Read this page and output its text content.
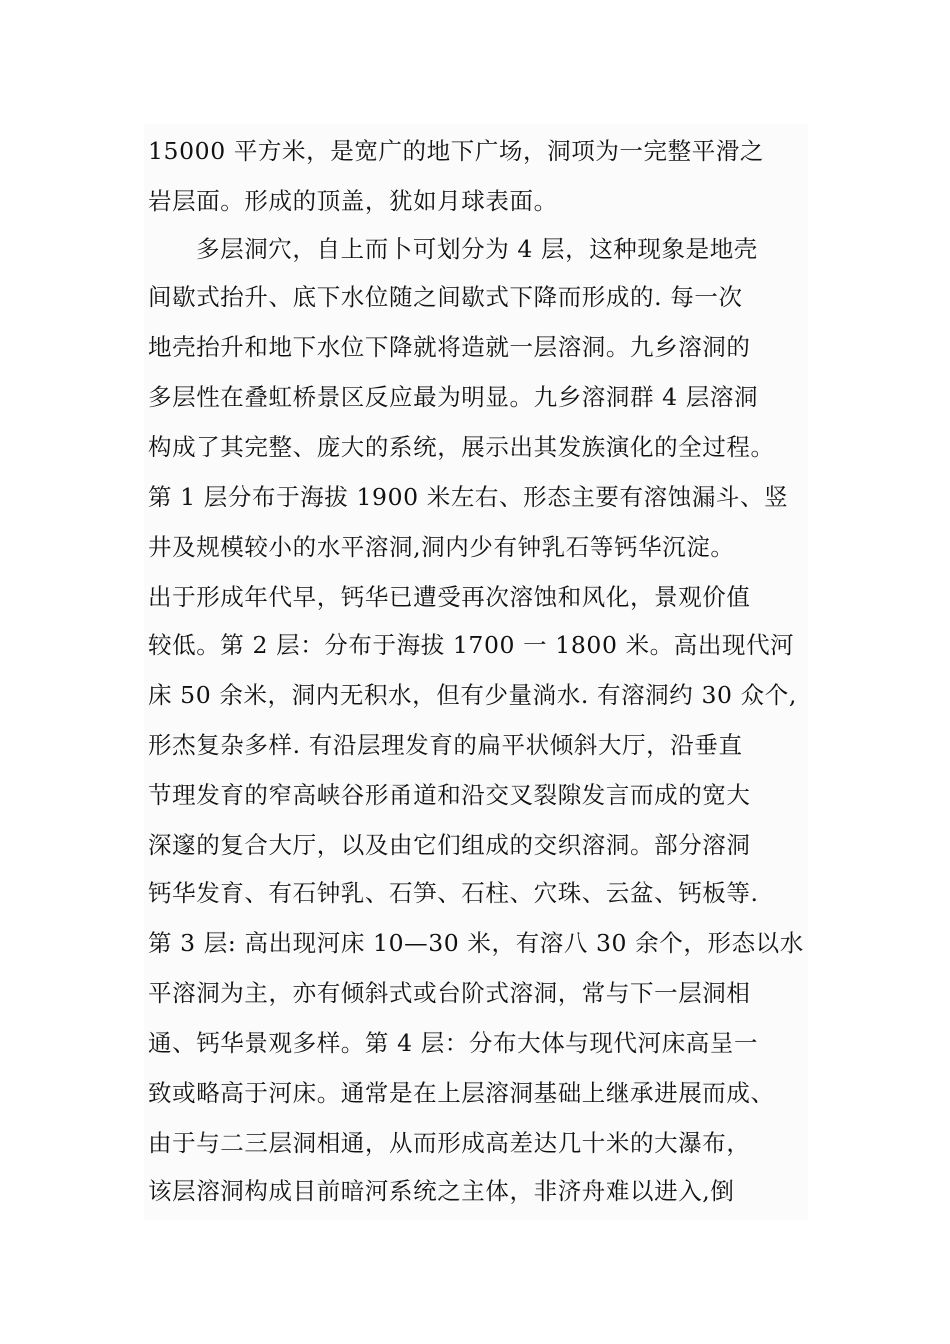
15000 平方米，是宽广的地下广场，洞项为一完整平滑之
岩层面。形成的顶盖，犹如月球表面。
多层洞穴，自上而卜可划分为 4 层，这种现象是地壳
间歇式抬升、底下水位随之间歇式下降而形成的. 每一次
地壳抬升和地下水位下降就将造就一层溶洞。九乡溶洞的
多层性在叠虹桥景区反应最为明显。九乡溶洞群 4 层溶洞
构成了其完整、庞大的系统，展示出其发族演化的全过程。
第 1 层分布于海拔 1900 米左右、形态主要有溶蚀漏斗、竖
井及规模较小的水平溶洞,洞内少有钟乳石等钙华沉淀。
出于形成年代早，钙华已遭受再次溶蚀和风化，景观价值
较低。第 2 层：分布于海拔 1700 一 1800 米。高出现代河
床 50 余米，洞内无积水，但有少量淌水. 有溶洞约 30 众个,
形杰复杂多样. 有沿层理发育的扁平状倾斜大厅，沿垂直
节理发育的窄高峡谷形甬道和沿交叉裂隙发言而成的宽大
深邃的复合大厅，以及由它们组成的交织溶洞。部分溶洞
钙华发育、有石钟乳、石笋、石柱、穴珠、云盆、钙板等.
第 3 层: 高出现河床 10—30 米，有溶八 30 余个，形态以水
平溶洞为主，亦有倾斜式或台阶式溶洞，常与下一层洞相
通、钙华景观多样。第 4 层：分布大体与现代河床高呈一
致或略高于河床。通常是在上层溶洞基础上继承进展而成、
由于与二三层洞相通，从而形成高差达几十米的大瀑布，
该层溶洞构成目前暗河系统之主体，非济舟难以进入,倒
